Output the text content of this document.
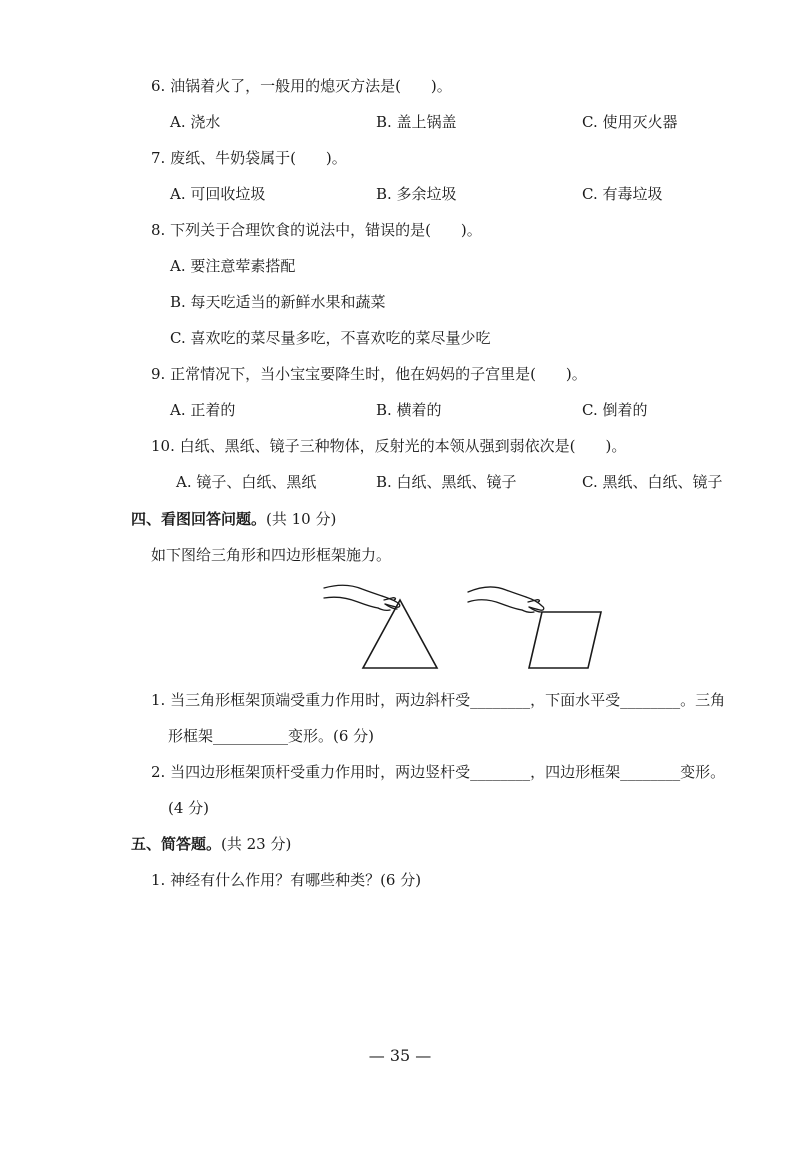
6. 油锅着火了，一般用的熄灭方法是(　　)。
A. 浇水	B. 盖上锅盖	C. 使用灭火器
7. 废纸、牛奶袋属于(　　)。
A. 可回收垃圾	B. 多余垃圾	C. 有毒垃圾
8. 下列关于合理饮食的说法中，错误的是(　　)。
A. 要注意荤素搭配
B. 每天吃适当的新鲜水果和蔬菜
C. 喜欢吃的菜尽量多吃，不喜欢吃的菜尽量少吃
9. 正常情况下，当小宝宝要降生时，他在妈妈的子宫里是(　　)。
A. 正着的	B. 横着的	C. 倒着的
10. 白纸、黑纸、镜子三种物体，反射光的本领从强到弱依次是(　　)。
A. 镜子、白纸、黑纸	B. 白纸、黑纸、镜子	C. 黑纸、白纸、镜子
四、看图回答问题。(共 10 分)
如下图给三角形和四边形框架施力。
1. 当三角形框架顶端受重力作用时，两边斜杆受________，下面水平受________。三角
形框架__________变形。(6 分)
2. 当四边形框架顶杆受重力作用时，两边竖杆受________，四边形框架________变形。
(4 分)
五、简答题。(共 23 分)
1. 神经有什么作用？有哪些种类？(6 分)
— 35 —
